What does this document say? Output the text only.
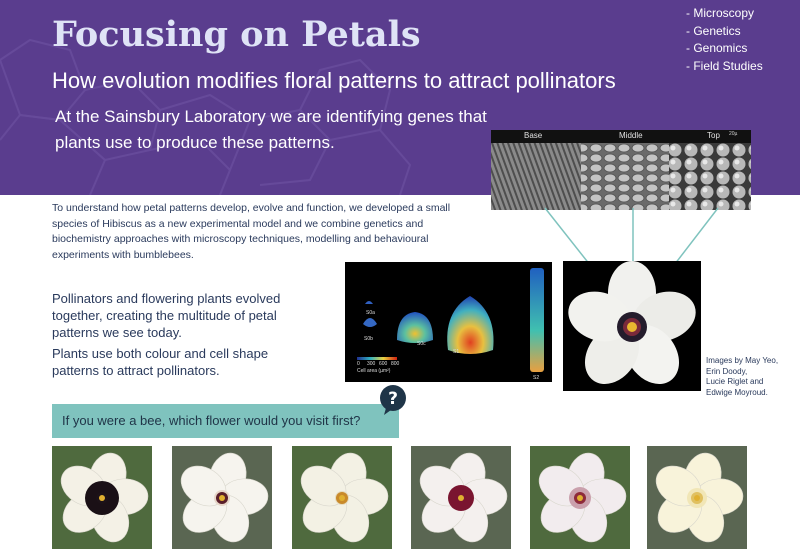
Focusing on Petals
How evolution modifies floral patterns to attract pollinators
At the Sainsbury Laboratory we are identifying genes that plants use to produce these patterns.
- Microscopy
- Genetics
- Genomics
- Field Studies
Base	Middle	Top 20µ
To understand how petal patterns develop, evolve and function, we developed a small species of Hibiscus as a new experimental model and we combine genetics and biochemistry approaches with microscopy techniques, modelling and behavioural experiments with bumblebees.
Pollinators and flowering plants evolved together, creating the multitude of petal patterns we see today.
Plants use both colour and cell shape patterns to attract pollinators.
S0a
S0b
S0c
S1
S2
0 300 600 800
Cell area (µm²)
Images by May Yeo,
Erin Doody,
Lucie Riglet and
Edwige Moyroud.
If you were a bee, which flower would you visit first?
?
